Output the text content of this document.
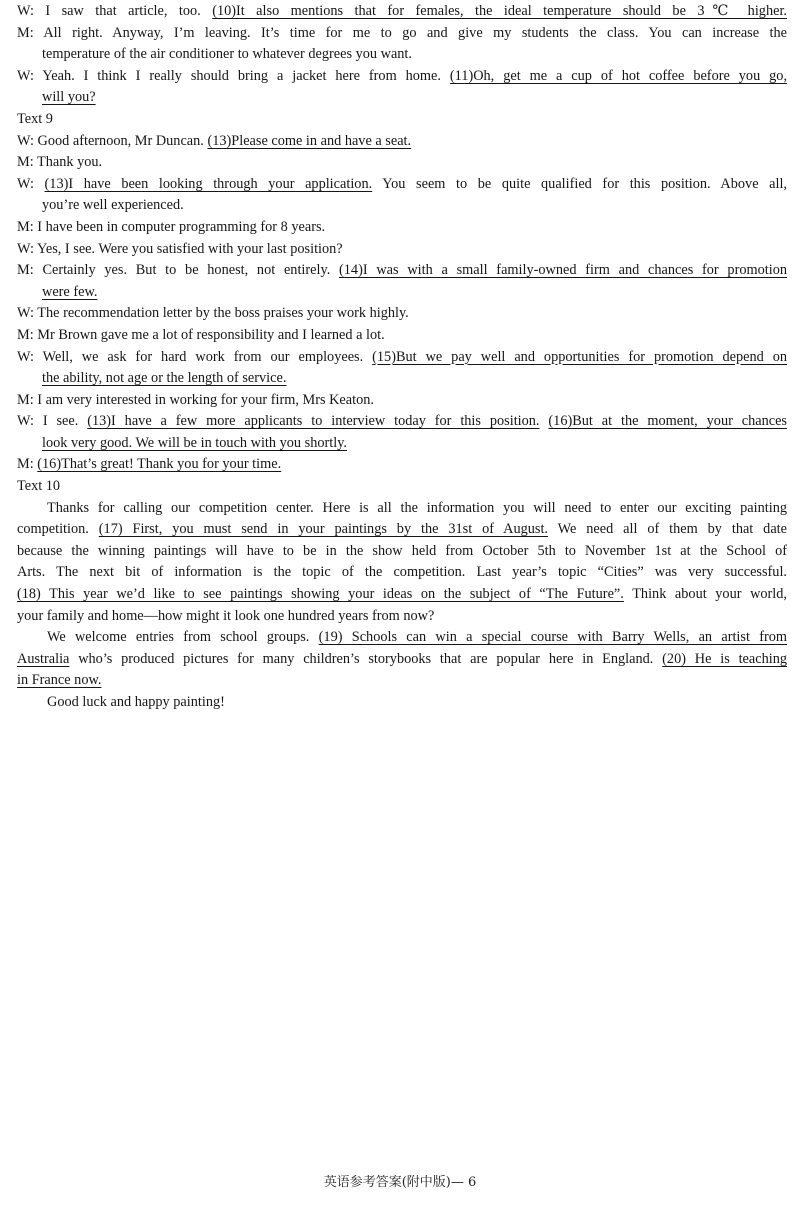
W: I saw that article, too. (10)It also mentions that for females, the ideal temperature should be 3℃ higher.
M: All right. Anyway, I’m leaving. It’s time for me to go and give my students the class. You can increase the
temperature of the air conditioner to whatever degrees you want.
W: Yeah. I think I really should bring a jacket here from home. (11)Oh, get me a cup of hot coffee before you go,
will you?
Text 9
W: Good afternoon, Mr Duncan. (13)Please come in and have a seat.
M: Thank you.
W: (13)I have been looking through your application. You seem to be quite qualified for this position. Above all,
you’re well experienced.
M: I have been in computer programming for 8 years.
W: Yes, I see. Were you satisfied with your last position?
M: Certainly yes. But to be honest, not entirely. (14)I was with a small family-owned firm and chances for promotion
were few.
W: The recommendation letter by the boss praises your work highly.
M: Mr Brown gave me a lot of responsibility and I learned a lot.
W: Well, we ask for hard work from our employees. (15)But we pay well and opportunities for promotion depend on
the ability, not age or the length of service.
M: I am very interested in working for your firm, Mrs Keaton.
W: I see. (13)I have a few more applicants to interview today for this position. (16)But at the moment, your chances
look very good. We will be in touch with you shortly.
M: (16)That’s great! Thank you for your time.
Text 10
Thanks for calling our competition center. Here is all the information you will need to enter our exciting painting
competition. (17) First, you must send in your paintings by the 31st of August. We need all of them by that date
because the winning paintings will have to be in the show held from October 5th to November 1st at the School of
Arts. The next bit of information is the topic of the competition. Last year’s topic “Cities” was very successful.
(18) This year we’d like to see paintings showing your ideas on the subject of “The Future”. Think about your world,
your family and home—how might it look one hundred years from now?
We welcome entries from school groups. (19) Schools can win a special course with Barry Wells, an artist from
Australia who’s produced pictures for many children’s storybooks that are popular here in England. (20) He is teaching
in France now.
Good luck and happy painting!
英语参考答案(附中版)— 6
